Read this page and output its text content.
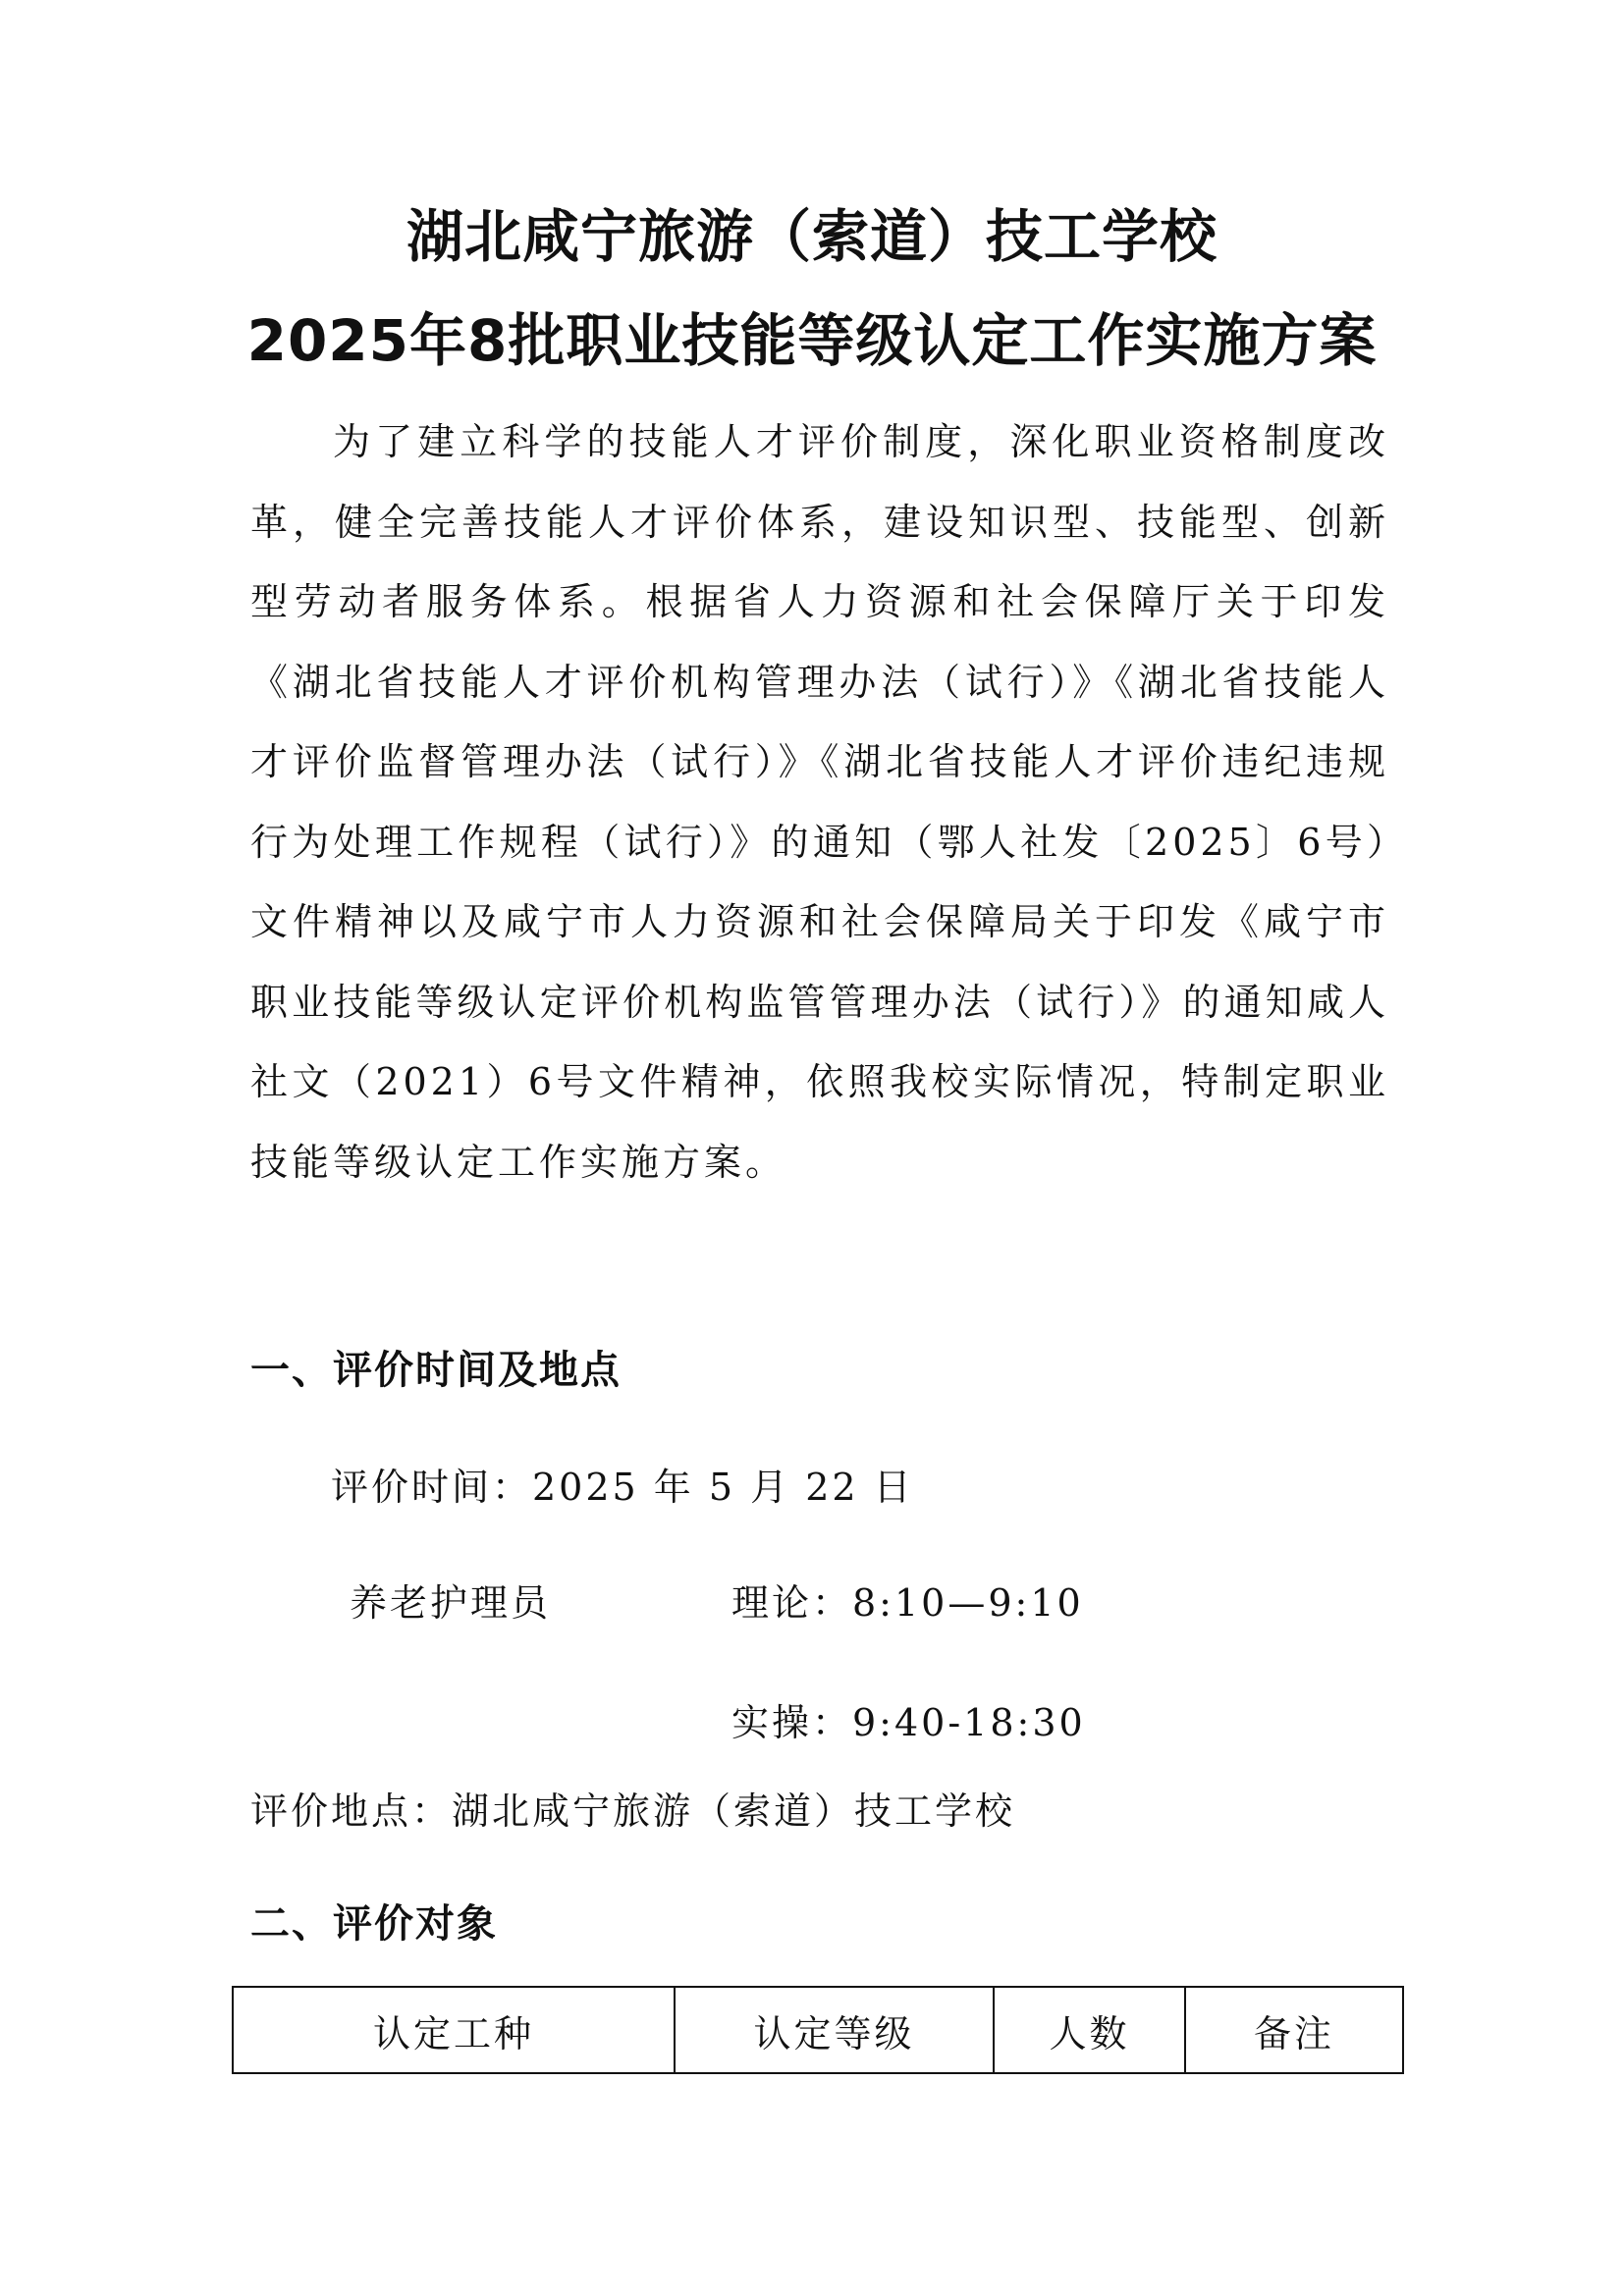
湖北咸宁旅游（索道）技工学校
2025年8批职业技能等级认定工作实施方案

为了建立科学的技能人才评价制度，深化职业资格制度改革，健全完善技能人才评价体系，建设知识型、技能型、创新型劳动者服务体系。根据省人力资源和社会保障厅关于印发《湖北省技能人才评价机构管理办法（试行）》《湖北省技能人才评价监督管理办法（试行）》《湖北省技能人才评价违纪违规行为处理工作规程（试行）》的通知（鄂人社发〔2025〕6号）文件精神以及咸宁市人力资源和社会保障局关于印发《咸宁市职业技能等级认定评价机构监管管理办法（试行）》的通知咸人社文（2021）6号文件精神，依照我校实际情况，特制定职业技能等级认定工作实施方案。

一、评价时间及地点
评价时间：2025 年 5 月 22 日
养老护理员	理论：8:10—9:10
实操：9:40-18:30
评价地点：湖北咸宁旅游（索道）技工学校
二、评价对象
认定工种	认定等级	人数	备注
